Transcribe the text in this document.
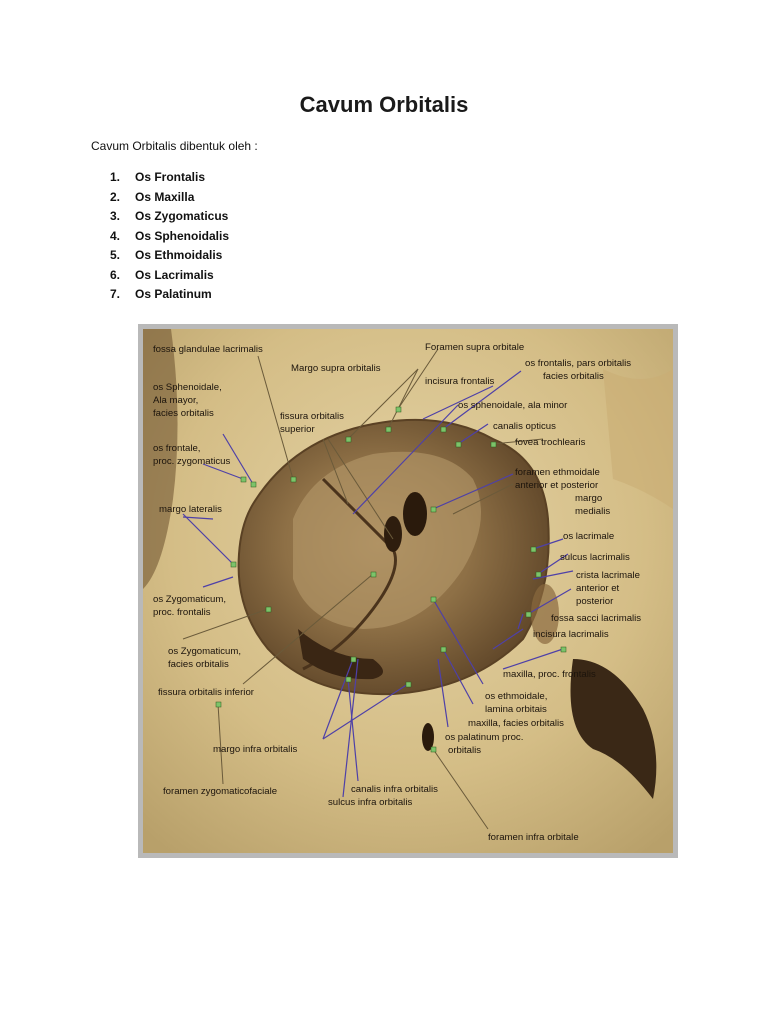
Cavum Orbitalis
Cavum Orbitalis dibentuk oleh :
1.	Os Frontalis
2.	Os Maxilla
3.	Os Zygomaticus
4.	Os Sphenoidalis
5.	Os Ethmoidalis
6.	Os Lacrimalis
7.	Os Palatinum
fossa glandulae lacrimalis	Foramen supra orbitale
os frontalis, pars orbitalis
facies orbitalis
Margo supra orbitalis
incisura frontalis
os Sphenoidale,
Ala mayor,
facies orbitalis
os sphenoidale, ala minor
fissura orbitalis
superior	canalis opticus
fovea trochlearis
os frontale,
proc. zygomaticus
foramen ethmoidale
anterior et posterior
margo
medialis
margo lateralis
os lacrimale
sulcus lacrimalis
crista lacrimale
anterior et
posterior
os Zygomaticum,
proc. frontalis
fossa sacci lacrimalis
incisura lacrimalis
os Zygomaticum,
facies orbitalis
maxilla, proc. frontalis
fissura orbitalis inferior	os ethmoidale,
lamina orbitais
maxilla, facies orbitalis
os palatinum proc.
orbitalis
margo infra orbitalis
foramen zygomaticofaciale	canalis infra orbitalis
sulcus infra orbitalis
foramen infra orbitale
